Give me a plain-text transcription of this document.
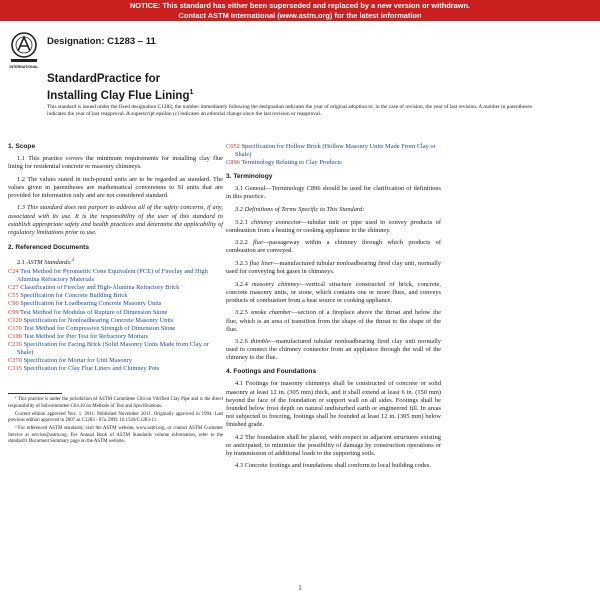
NOTICE: This standard has either been superseded and replaced by a new version or withdrawn.
Contact ASTM International (www.astm.org) for the latest information
INTERNATIONAL
Designation: C1283 – 11
StandardPractice for
Installing Clay Flue Lining$^1$
This standard is issued under the fixed designation C1283; the number immediately following the designation indicates the year of original adoption or, in the case of revision, the year of last revision. A number in parentheses indicates the year of last reapproval. A superscript epsilon (ε) indicates an editorial change since the last revision or reapproval.
1. Scope

1.1 This practice covers the minimum requirements for installing clay flue lining for residential concrete or masonry chimneys.

1.2 The values stated in inch-pound units are to be regarded as standard. The values given in parentheses are mathematical conversions to SI units that are provided for information only and are not considered standard.

1.3 This standard does not purport to address all of the safety concerns, if any, associated with its use. It is the responsibility of the user of this standard to establish appropriate safety and health practices and determine the applicability of regulatory limitations prior to use.

2. Referenced Documents

2.1 ASTM Standards:$^2$

C24 Test Method for Pyrometric Cone Equivalent (PCE) of Fireclay and High Alumina Refractory Materials
C27 Classification of Fireclay and High-Alumina Refractory Brick
C55 Specification for Concrete Building Brick
C90 Specification for Loadbearing Concrete Masonry Units
C99 Test Method for Modulus of Rupture of Dimension Stone
C129 Specification for Nonloadbearing Concrete Masonry Units
C170 Test Method for Compressive Strength of Dimension Stone
C199 Test Method for Pier Test for Refractory Mortars
C216 Specification for Facing Brick (Solid Masonry Units Made from Clay or Shale)
C270 Specification for Mortar for Unit Masonry
C315 Specification for Clay Flue Liners and Chimney Pots

¹ This practice is under the jurisdiction of ASTM Committee C04 on Vitrified Clay Pipe and is the direct responsibility of Subcommittee C04.20 on Methods of Test and Specifications.

Current edition approved Nov. 1, 2011. Published November 2011. Originally approved in 1994. Last previous edition approved in 2007 as C1283 - 07a. DOI: 10.1520/C1283-11.

² For referenced ASTM standards, visit the ASTM website, www.astm.org, or contact ASTM Customer Service at service@astm.org. For Annual Book of ASTM Standards volume information, refer to the standard's Document Summary page on the ASTM website.

C652 Specification for Hollow Brick (Hollow Masonry Units Made From Clay or Shale)
C896 Terminology Relating to Clay Products
3. Terminology

3.1 General—Terminology C896 should be used for clarification of definitions in this practice.

3.2 Definitions of Terms Specific to This Standard:

3.2.1 chimney connector—tubular unit or pipe used to convey products of combustion from a heating or cooking appliance to the chimney.

3.2.2 flue—passageway within a chimney through which products of combustion are conveyed.

3.2.3 flue liner—manufactured tubular nonloadbearing fired clay unit, normally used for conveying hot gases in chimneys.

3.2.4 masonry chimney—vertical structure constructed of brick, concrete, concrete masonry units, or stone, which contains one or more flues, and conveys products of combustion from a heat source or cooking appliance.

3.2.5 smoke chamber—section of a fireplace above the throat and below the flue, which is an area of transition from the shape of the throat to the shape of the flue.

3.2.6 thimble—manufactured tubular nonloadbearing fired clay unit normally used to connect the chimney connector from an appliance through the wall of the chimney to the flue.

4. Footings and Foundations

4.1 Footings for masonry chimneys shall be constructed of concrete or solid masonry at least 12 in. (305 mm) thick, and it shall extend at least 6 in. (150 mm) beyond the face of the foundation or support wall on all sides. Footings shall be founded below frost depth on natural undisturbed earth or engineered fill. In areas not subjected to freezing, footings shall be founded at least 12 in. (305 mm) below finished grade.

4.2 The foundation shall be placed, with respect to adjacent structures existing or anticipated, to minimize the possibility of damage by construction operations or by transmission of additional loads to the supporting soils.

4.3 Concrete footings and foundations shall conform to local building codes.

1
